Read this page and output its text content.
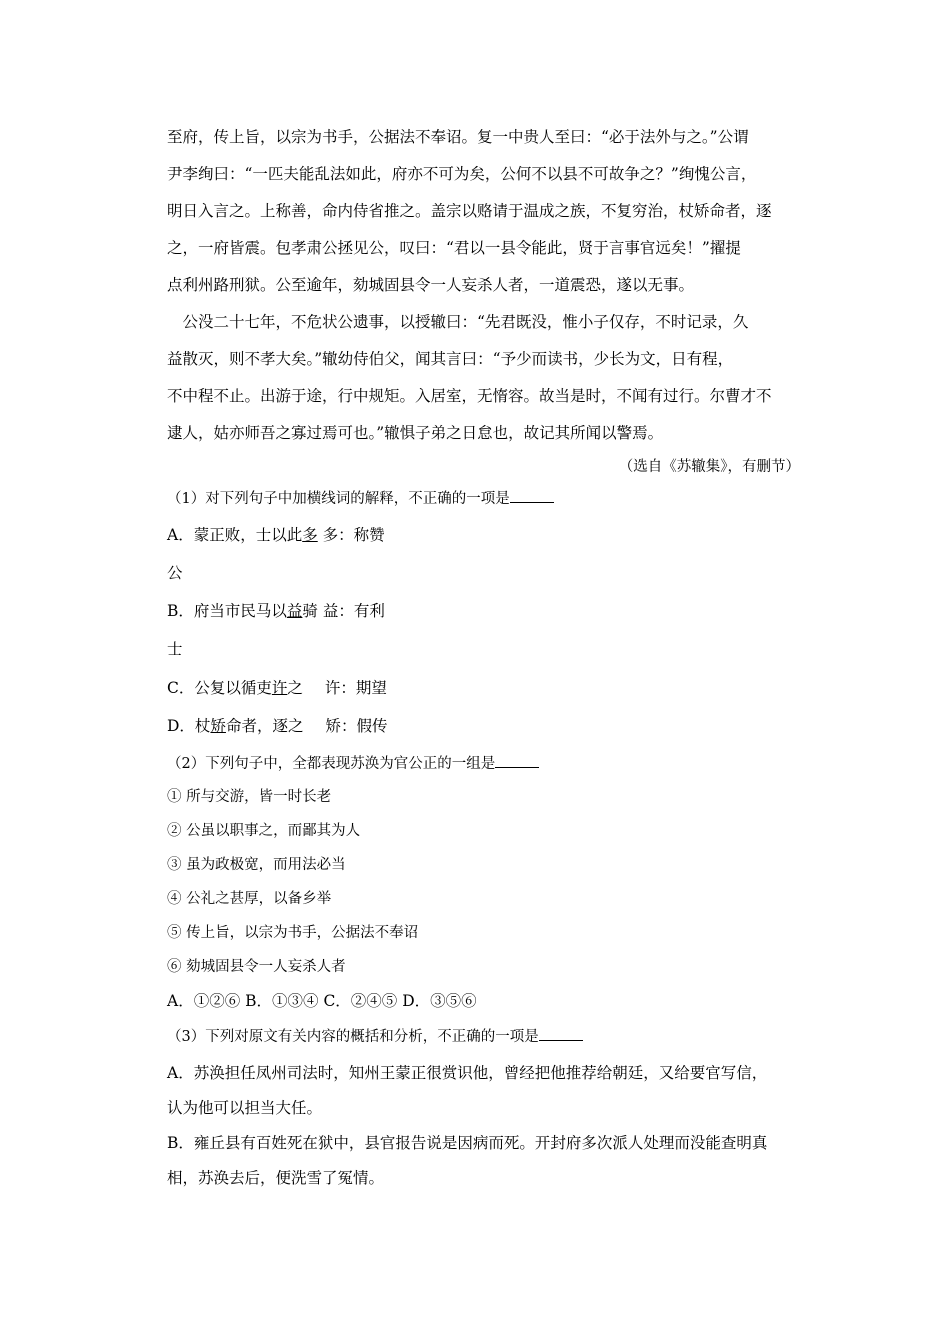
至府，传上旨，以宗为书手，公据法不奉诏。复一中贵人至曰：“必于法外与之。”公谓
尹李绚曰：“一匹夫能乱法如此，府亦不可为矣，公何不以县不可故争之？”绚愧公言，
明日入言之。上称善，命内侍省推之。盖宗以赂请于温成之族，不复穷治，杖矫命者，逐
之，一府皆震。包孝肃公拯见公，叹曰：“君以一县令能此，贤于言事官远矣！”擢提
点利州路刑狱。公至逾年，劾城固县令一人妄杀人者，一道震恐，遂以无事。
　公没二十七年，不危状公遗事，以授辙曰：“先君既没，惟小子仅存，不时记录，久
益散灭，则不孝大矣。”辙幼侍伯父，闻其言曰：“予少而读书，少长为文，日有程，
不中程不止。出游于途，行中规矩。入居室，无惰容。故当是时，不闻有过行。尔曹才不
逮人，姑亦师吾之寡过焉可也。”辙惧子弟之日怠也，故记其所闻以警焉。
（选自《苏辙集》，有删节）
（1）对下列句子中加横线词的解释，不正确的一项是
A．蒙正败，士以此多 多：称赞
公
B．府当市民马以益骑 益：有利
士
C．公复以循吏许之 许：期望
D．杖矫命者，逐之 矫：假传
（2）下列句子中，全都表现苏涣为官公正的一组是
① 所与交游，皆一时长老
② 公虽以职事之，而鄙其为人
③ 虽为政极宽，而用法必当
④ 公礼之甚厚，以备乡举
⑤ 传上旨，以宗为书手，公据法不奉诏
⑥ 劾城固县令一人妄杀人者
A．①②⑥ B．①③④ C．②④⑤ D．③⑤⑥
（3）下列对原文有关内容的概括和分析，不正确的一项是
A．苏涣担任凤州司法时，知州王蒙正很赏识他，曾经把他推荐给朝廷，又给要官写信，
认为他可以担当大任。
B．雍丘县有百姓死在狱中，县官报告说是因病而死。开封府多次派人处理而没能查明真
相，苏涣去后，便洗雪了冤情。
